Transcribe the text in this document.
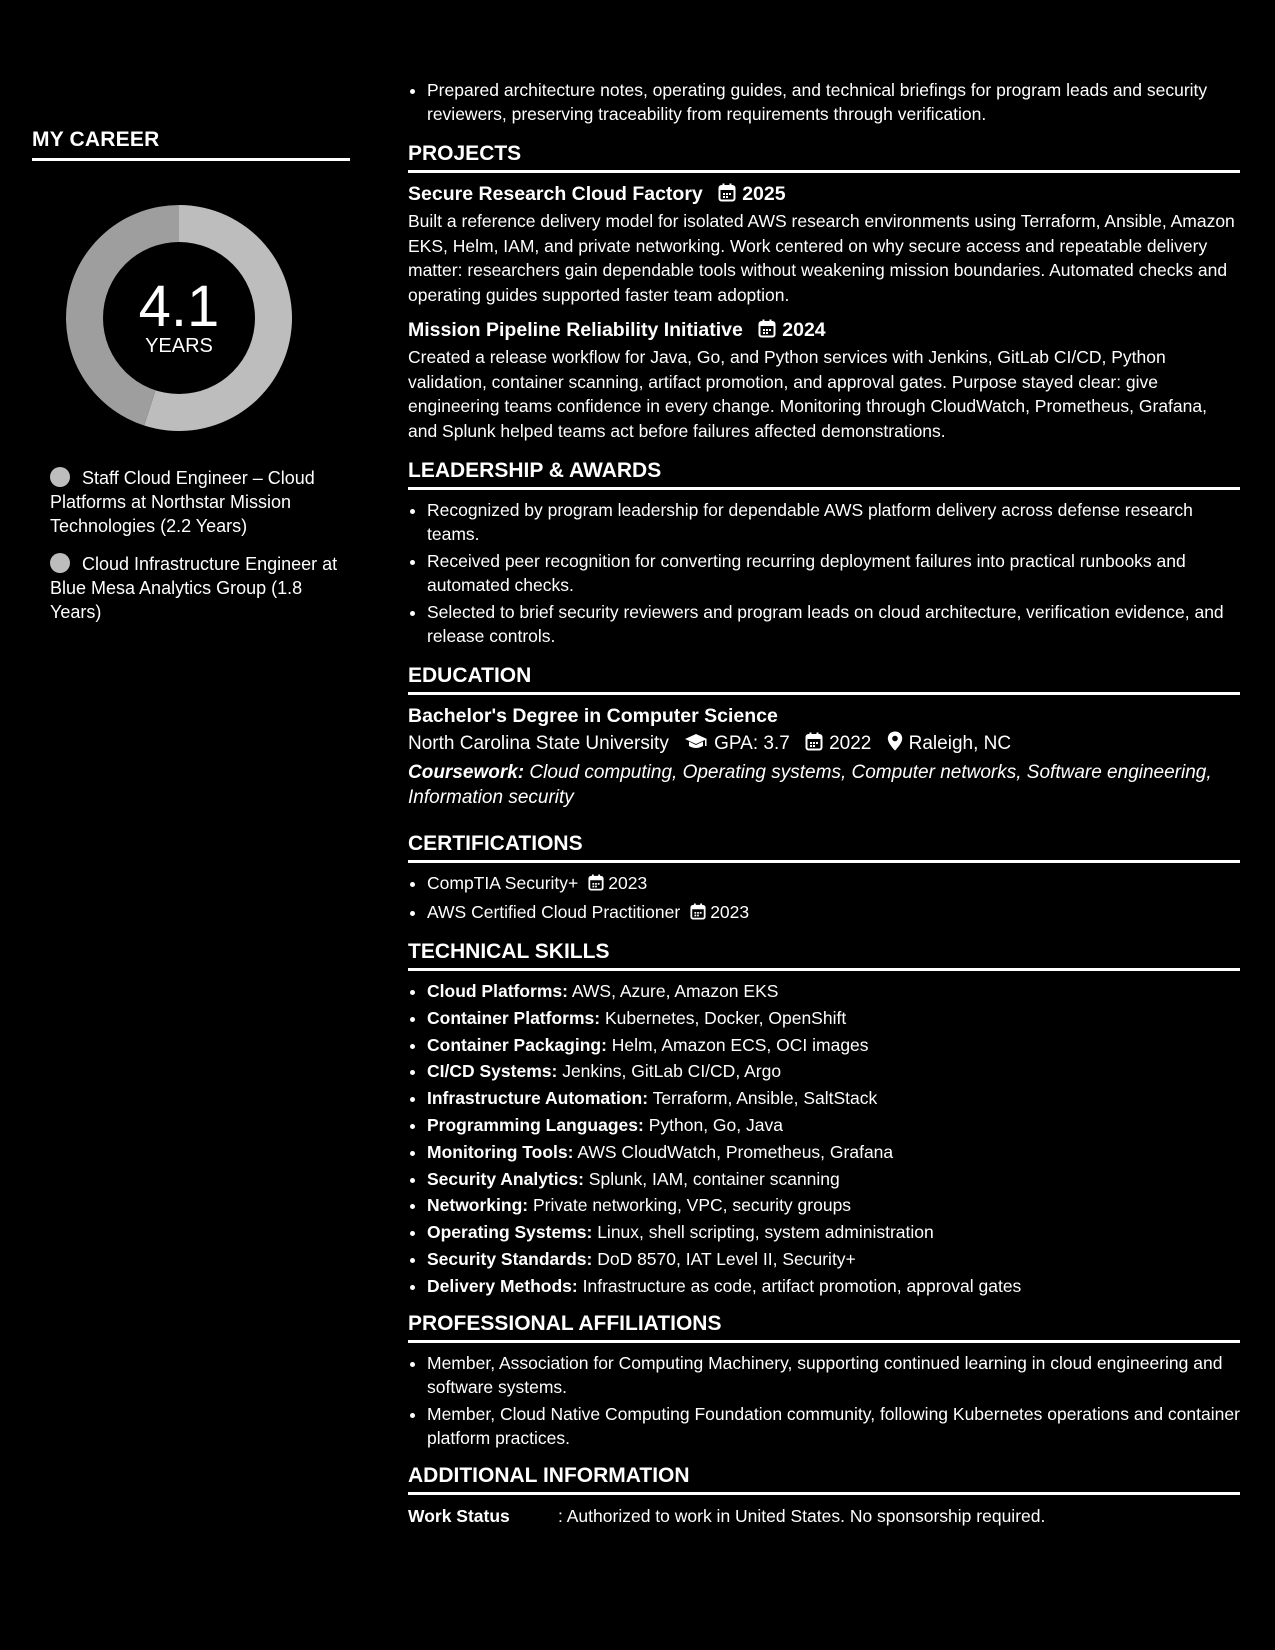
MY CAREER
4.1
YEARS
Staff Cloud Engineer – Cloud Platforms at Northstar Mission Technologies (2.2 Years)
Cloud Infrastructure Engineer at Blue Mesa Analytics Group (1.8 Years)
• Prepared architecture notes, operating guides, and technical briefings for program leads and security reviewers, preserving traceability from requirements through verification.
PROJECTS
Secure Research Cloud Factory 2025
Built a reference delivery model for isolated AWS research environments using Terraform, Ansible, Amazon EKS, Helm, IAM, and private networking. Work centered on why secure access and repeatable delivery matter: researchers gain dependable tools without weakening mission boundaries. Automated checks and operating guides supported faster team adoption.
Mission Pipeline Reliability Initiative 2024
Created a release workflow for Java, Go, and Python services with Jenkins, GitLab CI/CD, Python validation, container scanning, artifact promotion, and approval gates. Purpose stayed clear: give engineering teams confidence in every change. Monitoring through CloudWatch, Prometheus, Grafana, and Splunk helped teams act before failures affected demonstrations.
LEADERSHIP & AWARDS
• Recognized by program leadership for dependable AWS platform delivery across defense research teams.
• Received peer recognition for converting recurring deployment failures into practical runbooks and automated checks.
• Selected to brief security reviewers and program leads on cloud architecture, verification evidence, and release controls.
EDUCATION
Bachelor's Degree in Computer Science
North Carolina State University GPA: 3.7 2022 Raleigh, NC
Coursework: Cloud computing, Operating systems, Computer networks, Software engineering, Information security
CERTIFICATIONS
• CompTIA Security+ 2023
• AWS Certified Cloud Practitioner 2023
TECHNICAL SKILLS
• Cloud Platforms: AWS, Azure, Amazon EKS
• Container Platforms: Kubernetes, Docker, OpenShift
• Container Packaging: Helm, Amazon ECS, OCI images
• CI/CD Systems: Jenkins, GitLab CI/CD, Argo
• Infrastructure Automation: Terraform, Ansible, SaltStack
• Programming Languages: Python, Go, Java
• Monitoring Tools: AWS CloudWatch, Prometheus, Grafana
• Security Analytics: Splunk, IAM, container scanning
• Networking: Private networking, VPC, security groups
• Operating Systems: Linux, shell scripting, system administration
• Security Standards: DoD 8570, IAT Level II, Security+
• Delivery Methods: Infrastructure as code, artifact promotion, approval gates
PROFESSIONAL AFFILIATIONS
• Member, Association for Computing Machinery, supporting continued learning in cloud engineering and software systems.
• Member, Cloud Native Computing Foundation community, following Kubernetes operations and container platform practices.
ADDITIONAL INFORMATION
Work Status	: Authorized to work in United States. No sponsorship required.
